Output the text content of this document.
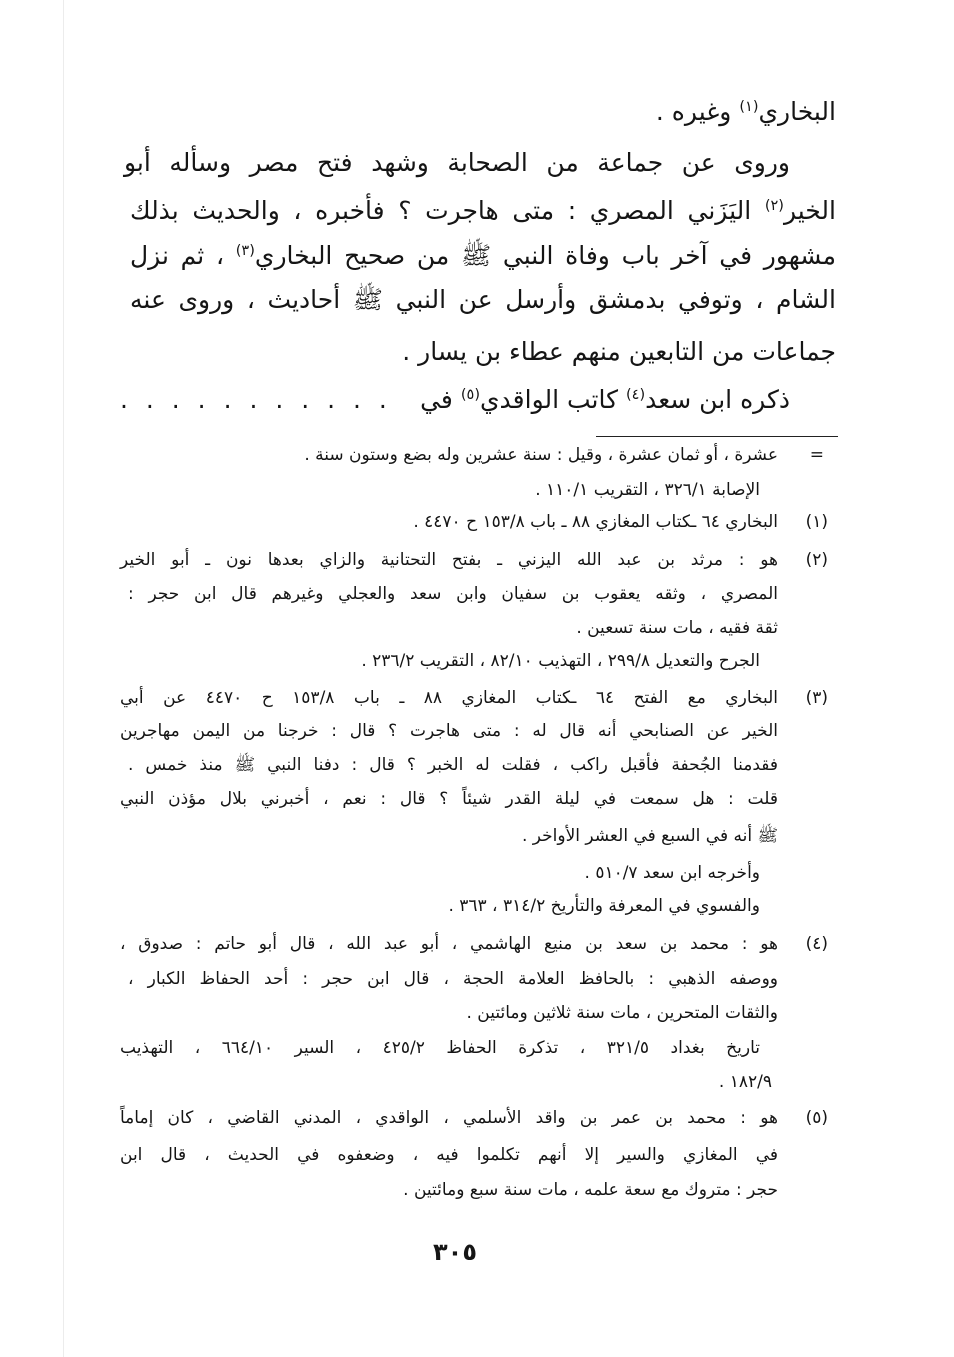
البخاري$^{(١)}$ وغيره .
وروى عن جماعة من الصحابة وشهد فتح مصر وسأله أبو
الخير$^{(٢)}$ اليَزَني المصري : متى هاجرت ؟ فأخبره ، والحديث بذلك
مشهور في آخر باب وفاة النبي ﷺ من صحيح البخاري$^{(٣)}$ ، ثم نزل
الشام ، وتوفي بدمشق وأرسل عن النبي ﷺ أحاديث ، وروى عنه
جماعات من التابعين منهم عطاء بن يسار .
ذكره ابن سعد$^{(٤)}$ كاتب الواقدي$^{(٥)}$ في
. . . . . . . . . . .
=
عشرة ، أو ثمان عشرة ، وقيل : سنة عشرين وله بضع وستون سنة .
الإصابة ٣٢٦/١ ، التقريب ١١٠/١ .
(١)
البخاري ٦٤ ـكتاب المغازي ٨٨ ـ باب ١٥٣/٨ ح ٤٤٧٠ .
(٢)
هو : مرثد بن عبد الله اليزني ـ بفتح التحتانية والزاي بعدها نون ـ أبو الخير
المصري ، وثقه يعقوب بن سفيان وابن سعد والعجلي وغيرهم قال ابن حجر :
ثقة فقيه ، مات سنة تسعين .
الجرح والتعديل ٢٩٩/٨ ، التهذيب ٨٢/١٠ ، التقريب ٢٣٦/٢ .
(٣)
البخاري مع الفتح ٦٤ ـكتاب المغازي ٨٨ ـ باب ١٥٣/٨ ح ٤٤٧٠ عن أبي
الخير عن الصنابحي أنه قال له : متى هاجرت ؟ قال : خرجنا من اليمن مهاجرين
فقدمنا الجُحفة فأقبل راكب ، فقلت له الخبر ؟ قال : دفنا النبي ﷺ منذ خمس .
قلت : هل سمعت في ليلة القدر شيئاً ؟ قال : نعم ، أخبرني بلال مؤذن النبي
ﷺ أنه في السبع في العشر الأواخر .
وأخرجه ابن سعد ٥١٠/٧ .
والفسوي في المعرفة والتأريخ ٣١٤/٢ ، ٣٦٣ .
(٤)
هو : محمد بن سعد بن منيع الهاشمي ، أبو عبد الله ، قال أبو حاتم : صدوق ،
ووصفه الذهبي : بالحافظ العلامة الحجة ، قال ابن حجر : أحد الحفاظ الكبار ،
والثقات المتحرين ، مات سنة ثلاثين ومائتين .
تاريخ بغداد ٣٢١/٥ ، تذكرة الحفاظ ٤٢٥/٢ ، السير ٦٦٤/١٠ ، التهذيب
١٨٢/٩ .
(٥)
هو : محمد بن عمر بن واقد الأسلمي ، الواقدي ، المدني القاضي ، كان إماماً
في المغازي والسير إلا أنهم تكلموا فيه ، وضعفوه في الحديث ، قال ابن
حجر : متروك مع سعة علمه ، مات سنة سبع ومائتين .
٣٠٥
